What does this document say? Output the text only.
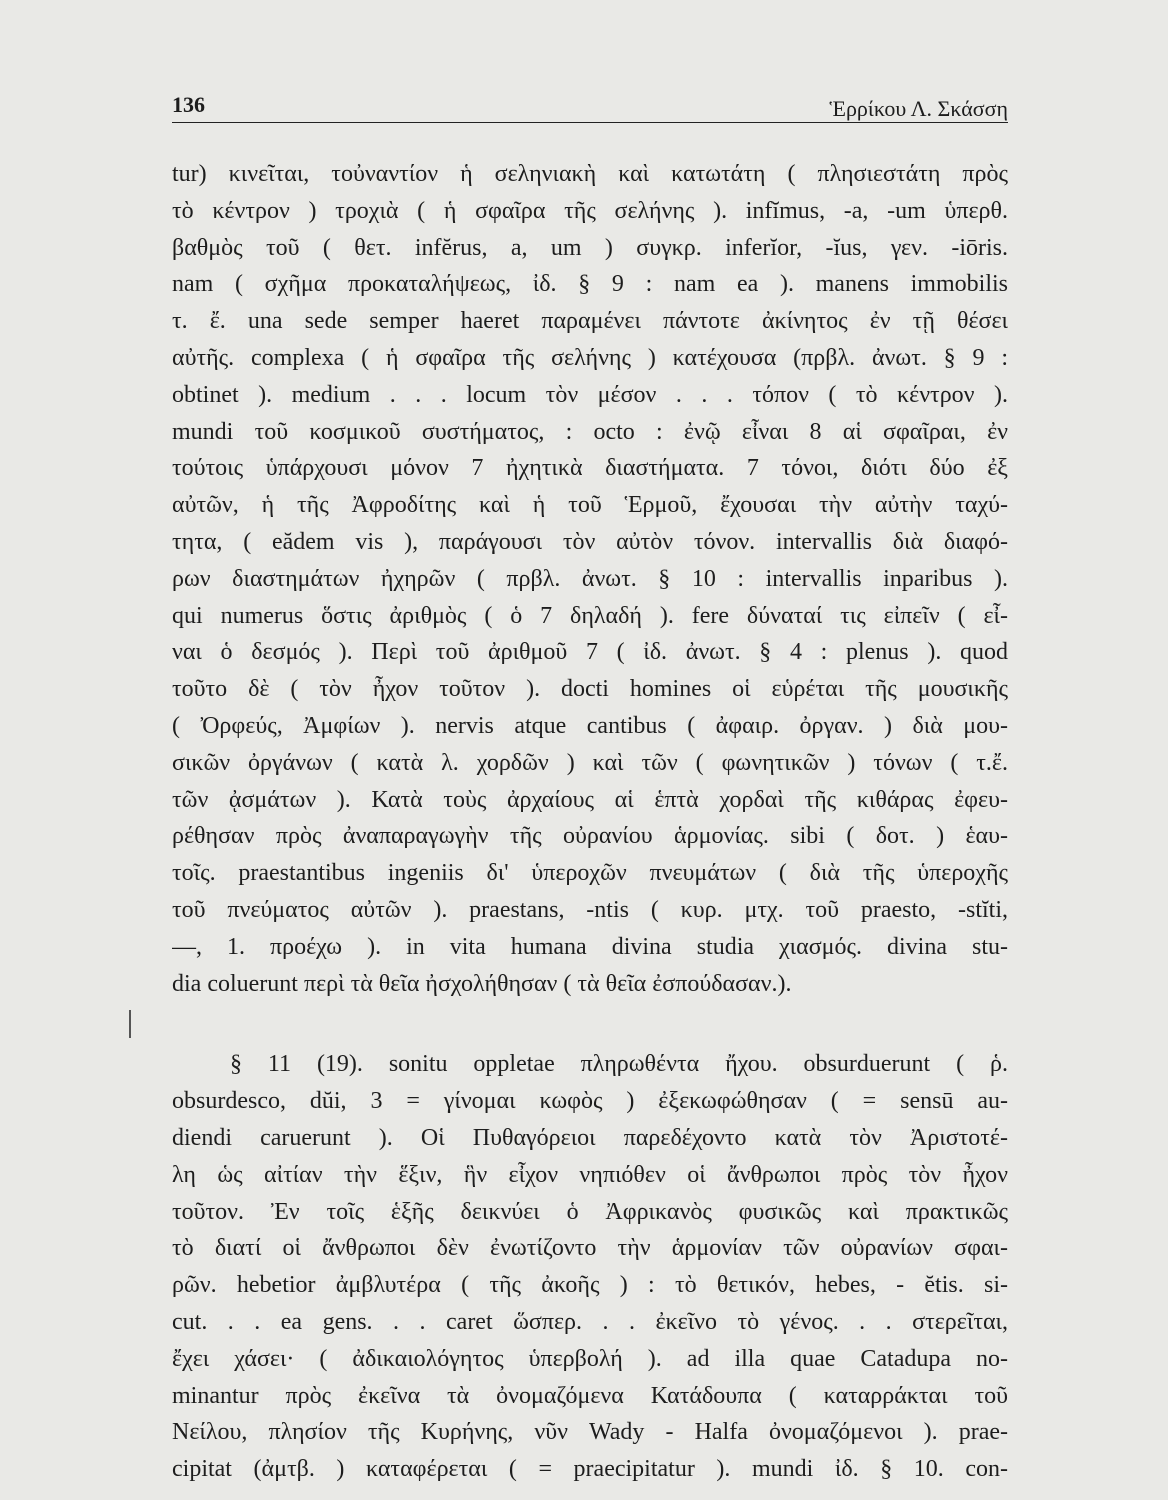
136	Ἑρρίκου Λ. Σκάσση
tur) κινεῖται, τοὐναντίον ἡ σεληνιακὴ καὶ κατωτάτη ( πλησιεστάτη πρὸς
τὸ κέντρον ) τροχιὰ ( ἡ σφαῖρα τῆς σελήνης ). infĭmus, -a, -um ὑπερθ.
βαθμὸς τοῦ ( θετ. infĕrus, a, um ) συγκρ. inferĭor, -ĭus, γεν. -iōris.
nam ( σχῆμα προκαταλήψεως, ἰδ. § 9 : nam ea ). manens immobilis
τ. ἔ. una sede semper haeret παραμένει πάντοτε ἀκίνητος ἐν τῇ θέσει
αὐτῆς. complexa ( ἡ σφαῖρα τῆς σελήνης ) κατέχουσα (πρβλ. ἀνωτ. § 9 :
obtinet ). medium . . . locum τὸν μέσον . . . τόπον ( τὸ κέντρον ).
mundi τοῦ κοσμικοῦ συστήματος, : octo : ἐνῷ εἶναι 8 αἱ σφαῖραι, ἐν
τούτοις ὑπάρχουσι μόνον 7 ἠχητικὰ διαστήματα. 7 τόνοι, διότι δύο ἐξ
αὐτῶν, ἡ τῆς Ἀφροδίτης καὶ ἡ τοῦ Ἑρμοῦ, ἔχουσαι τὴν αὐτὴν ταχύ-
τητα, ( eădem vis ), παράγουσι τὸν αὐτὸν τόνον. intervallis διὰ διαφό-
ρων διαστημάτων ἠχηρῶν ( πρβλ. ἀνωτ. § 10 : intervallis inparibus ).
qui numerus ὅστις ἀριθμὸς ( ὁ 7 δηλαδή ). fere δύναταί τις εἰπεῖν ( εἶ-
ναι ὁ δεσμός ). Περὶ τοῦ ἀριθμοῦ 7 ( ἰδ. ἀνωτ. § 4 : plenus ). quod
τοῦτο δὲ ( τὸν ἦχον τοῦτον ). docti homines οἱ εὑρέται τῆς μουσικῆς
( Ὀρφεύς, Ἀμφίων ). nervis atque cantibus ( ἀφαιρ. ὀργαν. ) διὰ μου-
σικῶν ὀργάνων ( κατὰ λ. χορδῶν ) καὶ τῶν ( φωνητικῶν ) τόνων ( τ.ἔ.
τῶν ᾀσμάτων ). Κατὰ τοὺς ἀρχαίους αἱ ἑπτὰ χορδαὶ τῆς κιθάρας ἐφευ-
ρέθησαν πρὸς ἀναπαραγωγὴν τῆς οὐρανίου ἁρμονίας. sibi ( δοτ. ) ἑαυ-
τοῖς. praestantibus ingeniis δι' ὑπεροχῶν πνευμάτων ( διὰ τῆς ὑπεροχῆς
τοῦ πνεύματος αὐτῶν ). praestans, -ntis ( κυρ. μτχ. τοῦ praesto, -stĭti,
—, 1. προέχω ). in vita humana divina studia χιασμός. divina stu-
dia coluerunt περὶ τὰ θεῖα ἠσχολήθησαν ( τὰ θεῖα ἐσπούδασαν.).
§ 11 (19). sonitu oppletae πληρωθέντα ἤχου. obsurduerunt ( ῥ.
obsurdesco, dŭi, 3 = γίνομαι κωφὸς ) ἐξεκωφώθησαν ( = sensū au-
diendi caruerunt ). Οἱ Πυθαγόρειοι παρεδέχοντο κατὰ τὸν Ἀριστοτέ-
λη ὡς αἰτίαν τὴν ἕξιν, ἣν εἶχον νηπιόθεν οἱ ἄνθρωποι πρὸς τὸν ἦχον
τοῦτον. Ἐν τοῖς ἑξῆς δεικνύει ὁ Ἀφρικανὸς φυσικῶς καὶ πρακτικῶς
τὸ διατί οἱ ἄνθρωποι δὲν ἐνωτίζοντο τὴν ἁρμονίαν τῶν οὐρανίων σφαι-
ρῶν. hebetior ἀμβλυτέρα ( τῆς ἀκοῆς ) : τὸ θετικόν, hebes, - ĕtis. si-
cut. . . ea gens. . . caret ὥσπερ. . . ἐκεῖνο τὸ γένος. . . στερεῖται,
ἔχει χάσει· ( ἀδικαιολόγητος ὑπερβολή ). ad illa quae Catadupa no-
minantur πρὸς ἐκεῖνα τὰ ὀνομαζόμενα Κατάδουπα ( καταρράκται τοῦ
Νείλου, πλησίον τῆς Κυρήνης, νῦν Wady - Halfa ὀνομαζόμενοι ). prae-
cipitat (ἀμτβ. ) καταφέρεται ( = praecipitatur ). mundi ἰδ. § 10. con-
